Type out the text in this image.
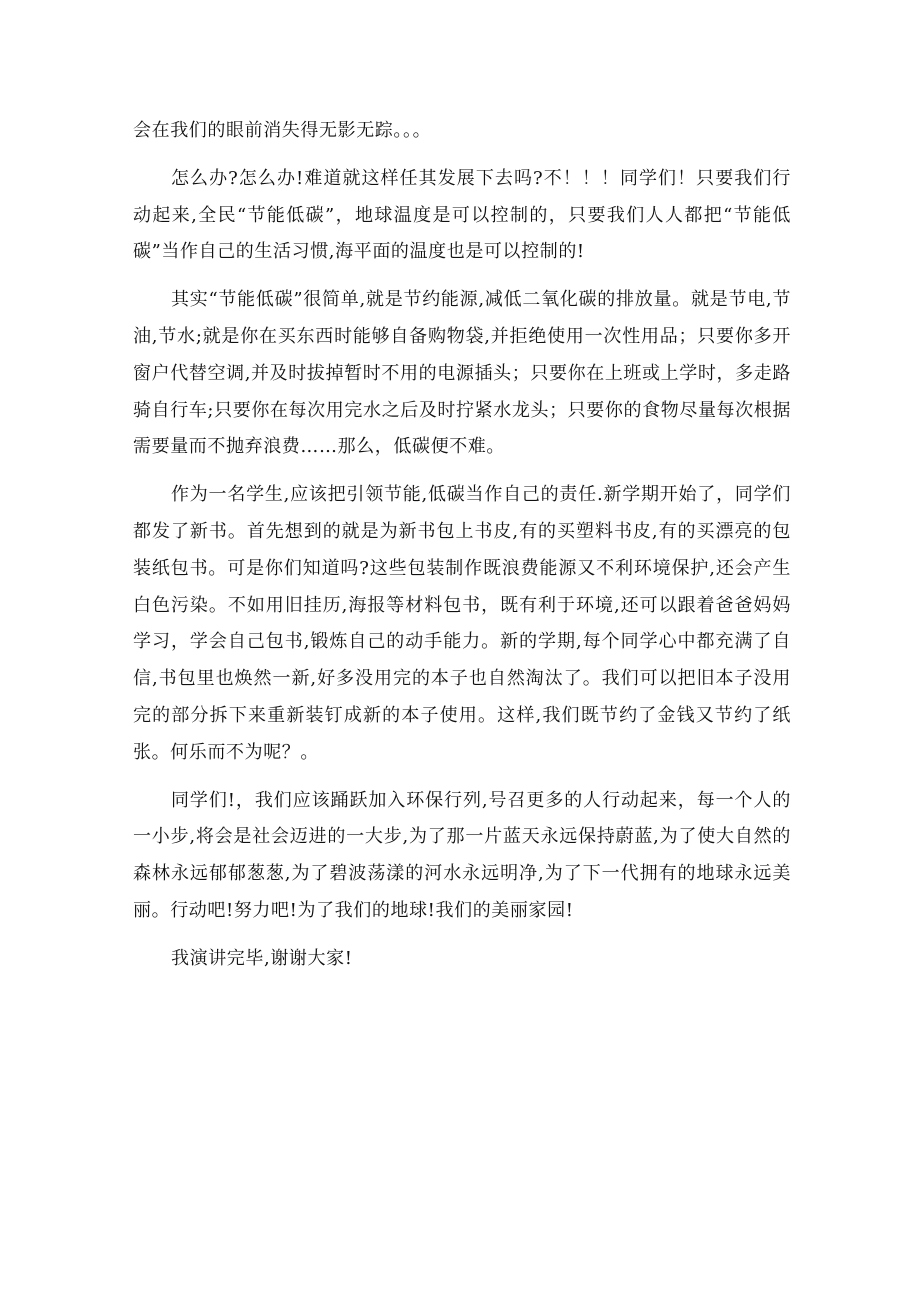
会在我们的眼前消失得无影无踪。。。

怎么办?怎么办!难道就这样任其发展下去吗?不！！！同学们！只要我们行动起来,全民“节能低碳”，地球温度是可以控制的，只要我们人人都把“节能低碳”当作自己的生活习惯,海平面的温度也是可以控制的!

其实“节能低碳”很简单,就是节约能源,减低二氧化碳的排放量。就是节电,节油,节水;就是你在买东西时能够自备购物袋,并拒绝使用一次性用品；只要你多开窗户代替空调,并及时拔掉暂时不用的电源插头；只要你在上班或上学时，多走路骑自行车;只要你在每次用完水之后及时拧紧水龙头；只要你的食物尽量每次根据需要量而不抛弃浪费……那么，低碳便不难。

作为一名学生,应该把引领节能,低碳当作自己的责任.新学期开始了，同学们都发了新书。首先想到的就是为新书包上书皮,有的买塑料书皮,有的买漂亮的包装纸包书。可是你们知道吗?这些包装制作既浪费能源又不利环境保护,还会产生白色污染。不如用旧挂历,海报等材料包书，既有利于环境,还可以跟着爸爸妈妈学习，学会自己包书,锻炼自己的动手能力。新的学期,每个同学心中都充满了自信,书包里也焕然一新,好多没用完的本子也自然淘汰了。我们可以把旧本子没用完的部分拆下来重新装钉成新的本子使用。这样,我们既节约了金钱又节约了纸张。何乐而不为呢？。

同学们!，我们应该踊跃加入环保行列,号召更多的人行动起来，每一个人的一小步,将会是社会迈进的一大步,为了那一片蓝天永远保持蔚蓝,为了使大自然的森林永远郁郁葱葱,为了碧波荡漾的河水永远明净,为了下一代拥有的地球永远美丽。行动吧!努力吧!为了我们的地球!我们的美丽家园!

我演讲完毕,谢谢大家!
